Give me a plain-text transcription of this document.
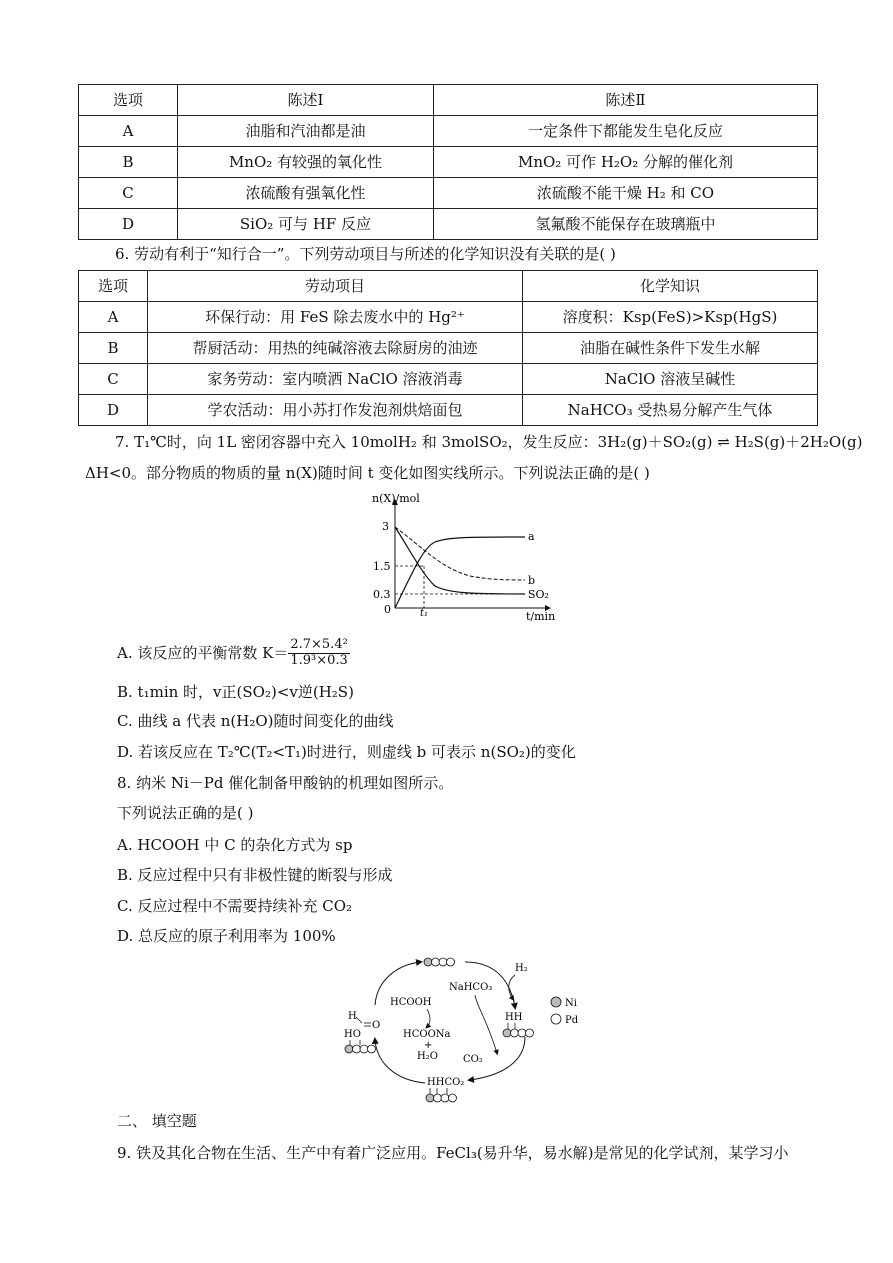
选项	陈述Ⅰ	陈述Ⅱ
A	油脂和汽油都是油	一定条件下都能发生皂化反应
B	MnO₂ 有较强的氧化性	MnO₂ 可作 H₂O₂ 分解的催化剂
C	浓硫酸有强氧化性	浓硫酸不能干燥 H₂ 和 CO
D	SiO₂ 可与 HF 反应	氢氟酸不能保存在玻璃瓶中
6. 劳动有利于“知行合一”。下列劳动项目与所述的化学知识没有关联的是( )
选项	劳动项目	化学知识
A	环保行动：用 FeS 除去废水中的 Hg²⁺	溶度积：Ksp(FeS)>Ksp(HgS)
B	帮厨活动：用热的纯碱溶液去除厨房的油迹	油脂在碱性条件下发生水解
C	家务劳动：室内喷洒 NaClO 溶液消毒	NaClO 溶液呈碱性
D	学农活动：用小苏打作发泡剂烘焙面包	NaHCO₃ 受热易分解产生气体
7. T₁℃时，向 1L 密闭容器中充入 10molH₂ 和 3molSO₂，发生反应：3H₂(g)＋SO₂(g) ⇌ H₂S(g)＋2H₂O(g)
ΔH<0。部分物质的物质的量 n(X)随时间 t 变化如图实线所示。下列说法正确的是( )
n(X)/mol
t/min
3
1.5
0.3
0	t₁
a
b
SO₂
A. 该反应的平衡常数 $K= \frac{\text{2.7×5.4²}}{\text{1.9³×0.3}}$
B. t₁min 时，v正(SO₂)<v逆(H₂S)
C. 曲线 a 代表 n(H₂O)随时间变化的曲线
D. 若该反应在 T₂℃(T₂<T₁)时进行，则虚线 b 可表示 n(SO₂)的变化
8. 纳米 Ni－Pd 催化制备甲酸钠的机理如图所示。
下列说法正确的是( )
A. HCOOH 中 C 的杂化方式为 sp
B. 反应过程中只有非极性键的断裂与形成
C. 反应过程中不需要持续补充 CO₂
D. 总反应的原子利用率为 100%
H₂
NaHCO₃
HCOOH
HCOONa
+
H₂O	CO₂
HH
HHCO₂
H
O
HO
Ni
Pd
二、 填空题
9. 铁及其化合物在生活、生产中有着广泛应用。FeCl₃(易升华，易水解)是常见的化学试剂，某学习小
